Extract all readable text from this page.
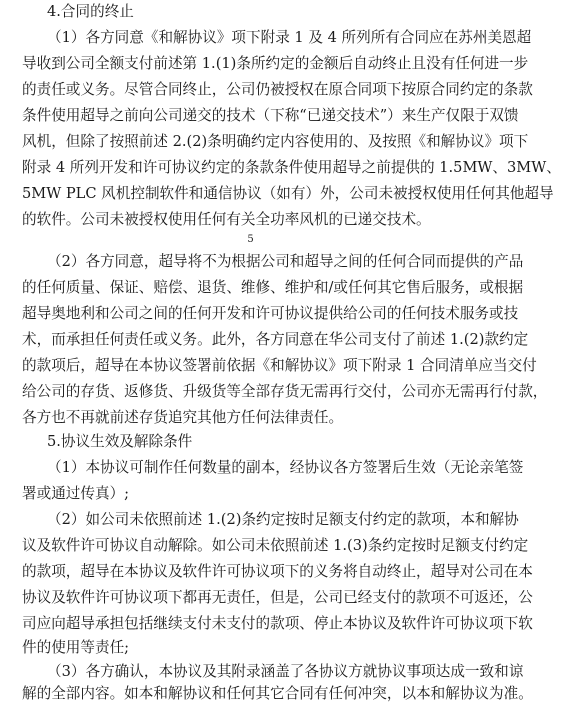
4.合同的终止
（1）各方同意《和解协议》项下附录 1 及 4 所列所有合同应在苏州美恩超
导收到公司全额支付前述第 1.(1)条所约定的金额后自动终止且没有任何进一步
的责任或义务。尽管合同终止，公司仍被授权在原合同项下按原合同约定的条款
条件使用超导之前向公司递交的技术（下称“已递交技术”）来生产仅限于双馈
风机，但除了按照前述 2.(2)条明确约定内容使用的、及按照《和解协议》项下
附录 4 所列开发和许可协议约定的条款条件使用超导之前提供的 1.5MW、3MW、
5MW PLC 风机控制软件和通信协议（如有）外，公司未被授权使用任何其他超导
的软件。公司未被授权使用任何有关全功率风机的已递交技术。
5
（2）各方同意，超导将不为根据公司和超导之间的任何合同而提供的产品
的任何质量、保证、赔偿、退货、维修、维护和/或任何其它售后服务，或根据
超导奥地利和公司之间的任何开发和许可协议提供给公司的任何技术服务或技
术，而承担任何责任或义务。此外，各方同意在华公司支付了前述 1.(2)款约定
的款项后，超导在本协议签署前依据《和解协议》项下附录 1 合同清单应当交付
给公司的存货、返修货、升级货等全部存货无需再行交付，公司亦无需再行付款，
各方也不再就前述存货追究其他方任何法律责任。
5.协议生效及解除条件
（1）本协议可制作任何数量的副本，经协议各方签署后生效（无论亲笔签
署或通过传真）;
（2）如公司未依照前述 1.(2)条约定按时足额支付约定的款项，本和解协
议及软件许可协议自动解除。如公司未依照前述 1.(3)条约定按时足额支付约定
的款项，超导在本协议及软件许可协议项下的义务将自动终止，超导对公司在本
协议及软件许可协议项下都再无责任，但是，公司已经支付的款项不可返还，公
司应向超导承担包括继续支付未支付的款项、停止本协议及软件许可协议项下软
件的使用等责任;
（3）各方确认，本协议及其附录涵盖了各协议方就协议事项达成一致和谅
解的全部内容。如本和解协议和任何其它合同有任何冲突，以本和解协议为准。
